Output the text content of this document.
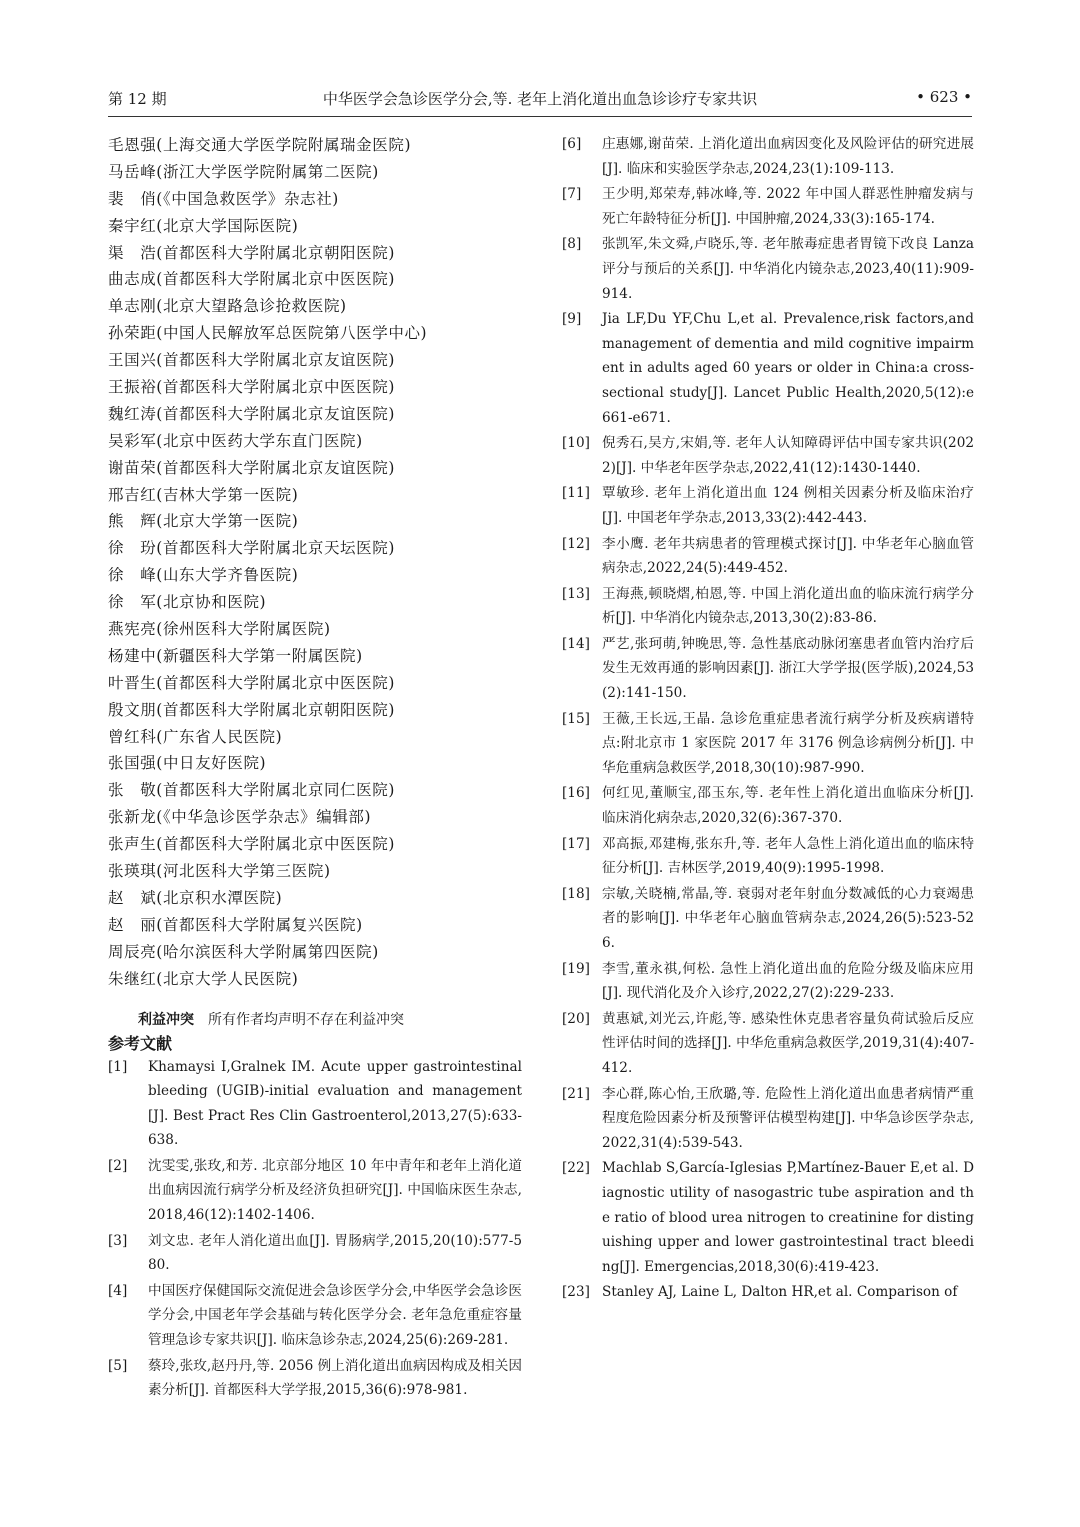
第 12 期	中华医学会急诊医学分会,等. 老年上消化道出血急诊诊疗专家共识	• 623 •
毛恩强(上海交通大学医学院附属瑞金医院)
马岳峰(浙江大学医学院附属第二医院)
裴　俏(《中国急救医学》杂志社)
秦宇红(北京大学国际医院)
渠　浩(首都医科大学附属北京朝阳医院)
曲志成(首都医科大学附属北京中医医院)
单志刚(北京大望路急诊抢救医院)
孙荣距(中国人民解放军总医院第八医学中心)
王国兴(首都医科大学附属北京友谊医院)
王振裕(首都医科大学附属北京中医医院)
魏红涛(首都医科大学附属北京友谊医院)
吴彩军(北京中医药大学东直门医院)
谢苗荣(首都医科大学附属北京友谊医院)
邢吉红(吉林大学第一医院)
熊　辉(北京大学第一医院)
徐　玢(首都医科大学附属北京天坛医院)
徐　峰(山东大学齐鲁医院)
徐　军(北京协和医院)
燕宪亮(徐州医科大学附属医院)
杨建中(新疆医科大学第一附属医院)
叶晋生(首都医科大学附属北京中医医院)
殷文朋(首都医科大学附属北京朝阳医院)
曾红科(广东省人民医院)
张国强(中日友好医院)
张　敬(首都医科大学附属北京同仁医院)
张新龙(《中华急诊医学杂志》编辑部)
张声生(首都医科大学附属北京中医医院)
张瑛琪(河北医科大学第三医院)
赵　斌(北京积水潭医院)
赵　丽(首都医科大学附属复兴医院)
周辰亮(哈尔滨医科大学附属第四医院)
朱继红(北京大学人民医院)
利益冲突 所有作者均声明不存在利益冲突
参考文献
[1] Khamaysi I,Gralnek IM. Acute upper gastrointestinal bleeding (UGIB)-initial evaluation and management[J]. Best Pract Res Clin Gastroenterol,2013,27(5):633-638.
[2] 沈雯雯,张玫,和芳. 北京部分地区 10 年中青年和老年上消化道出血病因流行病学分析及经济负担研究[J]. 中国临床医生杂志,2018,46(12):1402-1406.
[3] 刘文忠. 老年人消化道出血[J]. 胃肠病学,2015,20(10):577-580.
[4] 中国医疗保健国际交流促进会急诊医学分会,中华医学会急诊医学分会,中国老年学会基础与转化医学分会. 老年急危重症容量管理急诊专家共识[J]. 临床急诊杂志,2024,25(6):269-281.
[5] 蔡玲,张玫,赵丹丹,等. 2056 例上消化道出血病因构成及相关因素分析[J]. 首都医科大学学报,2015,36(6):978-981.
[6] 庄惠娜,谢苗荣. 上消化道出血病因变化及风险评估的研究进展[J]. 临床和实验医学杂志,2024,23(1):109-113.
[7] 王少明,郑荣寿,韩冰峰,等. 2022 年中国人群恶性肿瘤发病与死亡年龄特征分析[J]. 中国肿瘤,2024,33(3):165-174.
[8] 张凯军,朱文舜,卢晓乐,等. 老年脓毒症患者胃镜下改良 Lanza 评分与预后的关系[J]. 中华消化内镜杂志,2023,40(11):909-914.
[9] Jia LF,Du YF,Chu L,et al. Prevalence,risk factors,and management of dementia and mild cognitive impairment in adults aged 60 years or older in China:a cross-sectional study[J]. Lancet Public Health,2020,5(12):e661-e671.
[10] 倪秀石,吴方,宋娟,等. 老年人认知障碍评估中国专家共识(2022)[J]. 中华老年医学杂志,2022,41(12):1430-1440.
[11] 覃敏珍. 老年上消化道出血 124 例相关因素分析及临床治疗[J]. 中国老年学杂志,2013,33(2):442-443.
[12] 李小鹰. 老年共病患者的管理模式探讨[J]. 中华老年心脑血管病杂志,2022,24(5):449-452.
[13] 王海燕,顿晓熠,柏恩,等. 中国上消化道出血的临床流行病学分析[J]. 中华消化内镜杂志,2013,30(2):83-86.
[14] 严艺,张珂萌,钟晚思,等. 急性基底动脉闭塞患者血管内治疗后发生无效再通的影响因素[J]. 浙江大学学报(医学版),2024,53(2):141-150.
[15] 王薇,王长远,王晶. 急诊危重症患者流行病学分析及疾病谱特点:附北京市 1 家医院 2017 年 3176 例急诊病例分析[J]. 中华危重病急救医学,2018,30(10):987-990.
[16] 何红见,董顺宝,邵玉东,等. 老年性上消化道出血临床分析[J]. 临床消化病杂志,2020,32(6):367-370.
[17] 邓高振,邓建梅,张东升,等. 老年人急性上消化道出血的临床特征分析[J]. 吉林医学,2019,40(9):1995-1998.
[18] 宗敏,关晓楠,常晶,等. 衰弱对老年射血分数减低的心力衰竭患者的影响[J]. 中华老年心脑血管病杂志,2024,26(5):523-526.
[19] 李雪,董永祺,何松. 急性上消化道出血的危险分级及临床应用[J]. 现代消化及介入诊疗,2022,27(2):229-233.
[20] 黄惠斌,刘光云,许彪,等. 感染性休克患者容量负荷试验后反应性评估时间的选择[J]. 中华危重病急救医学,2019,31(4):407-412.
[21] 李心群,陈心怡,王欣璐,等. 危险性上消化道出血患者病情严重程度危险因素分析及预警评估模型构建[J]. 中华急诊医学杂志,2022,31(4):539-543.
[22] Machlab S,García-Iglesias P,Martínez-Bauer E,et al. Diagnostic utility of nasogastric tube aspiration and the ratio of blood urea nitrogen to creatinine for distinguishing upper and lower gastrointestinal tract bleeding[J]. Emergencias,2018,30(6):419-423.
[23] Stanley AJ, Laine L, Dalton HR,et al. Comparison of
